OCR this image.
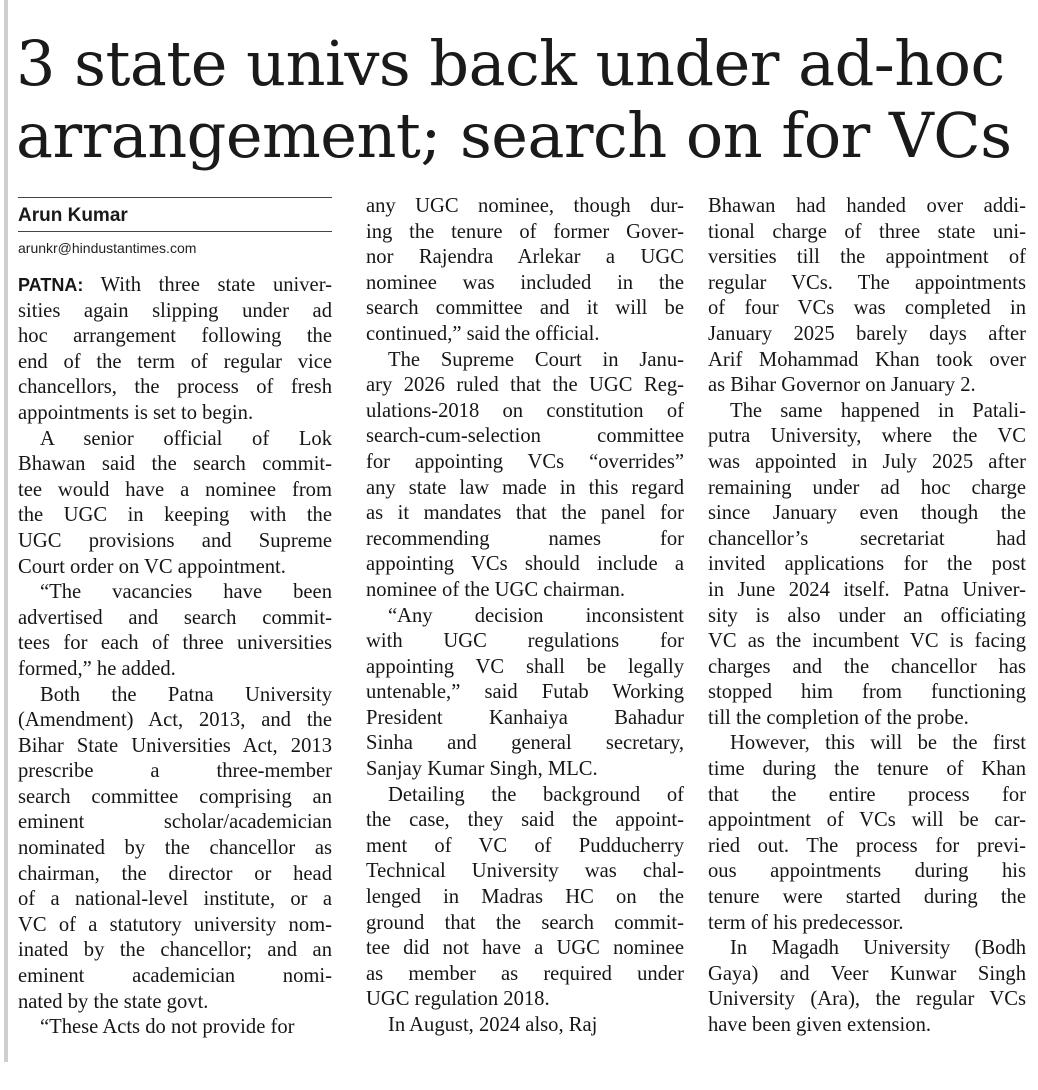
3 state univs back under ad-hoc
arrangement; search on for VCs
Arun Kumar
arunkr@hindustantimes.com
PATNA: With three state univer-
sities again slipping under ad
hoc arrangement following the
end of the term of regular vice
chancellors, the process of fresh
appointments is set to begin.
A senior official of Lok
Bhawan said the search commit-
tee would have a nominee from
the UGC in keeping with the
UGC provisions and Supreme
Court order on VC appointment.
“The vacancies have been
advertised and search commit-
tees for each of three universities
formed,” he added.
Both the Patna University
(Amendment) Act, 2013, and the
Bihar State Universities Act, 2013
prescribe a three-member
search committee comprising an
eminent scholar/academician
nominated by the chancellor as
chairman, the director or head
of a national-level institute, or a
VC of a statutory university nom-
inated by the chancellor; and an
eminent academician nomi-
nated by the state govt.
“These Acts do not provide for
any UGC nominee, though dur-
ing the tenure of former Gover-
nor Rajendra Arlekar a UGC
nominee was included in the
search committee and it will be
continued,” said the official.
The Supreme Court in Janu-
ary 2026 ruled that the UGC Reg-
ulations-2018 on constitution of
search-cum-selection committee
for appointing VCs “overrides”
any state law made in this regard
as it mandates that the panel for
recommending names for
appointing VCs should include a
nominee of the UGC chairman.
“Any decision inconsistent
with UGC regulations for
appointing VC shall be legally
untenable,” said Futab Working
President Kanhaiya Bahadur
Sinha and general secretary,
Sanjay Kumar Singh, MLC.
Detailing the background of
the case, they said the appoint-
ment of VC of Pudducherry
Technical University was chal-
lenged in Madras HC on the
ground that the search commit-
tee did not have a UGC nominee
as member as required under
UGC regulation 2018.
In August, 2024 also, Raj
Bhawan had handed over addi-
tional charge of three state uni-
versities till the appointment of
regular VCs. The appointments
of four VCs was completed in
January 2025 barely days after
Arif Mohammad Khan took over
as Bihar Governor on January 2.
The same happened in Patali-
putra University, where the VC
was appointed in July 2025 after
remaining under ad hoc charge
since January even though the
chancellor’s secretariat had
invited applications for the post
in June 2024 itself. Patna Univer-
sity is also under an officiating
VC as the incumbent VC is facing
charges and the chancellor has
stopped him from functioning
till the completion of the probe.
However, this will be the first
time during the tenure of Khan
that the entire process for
appointment of VCs will be car-
ried out. The process for previ-
ous appointments during his
tenure were started during the
term of his predecessor.
In Magadh University (Bodh
Gaya) and Veer Kunwar Singh
University (Ara), the regular VCs
have been given extension.
